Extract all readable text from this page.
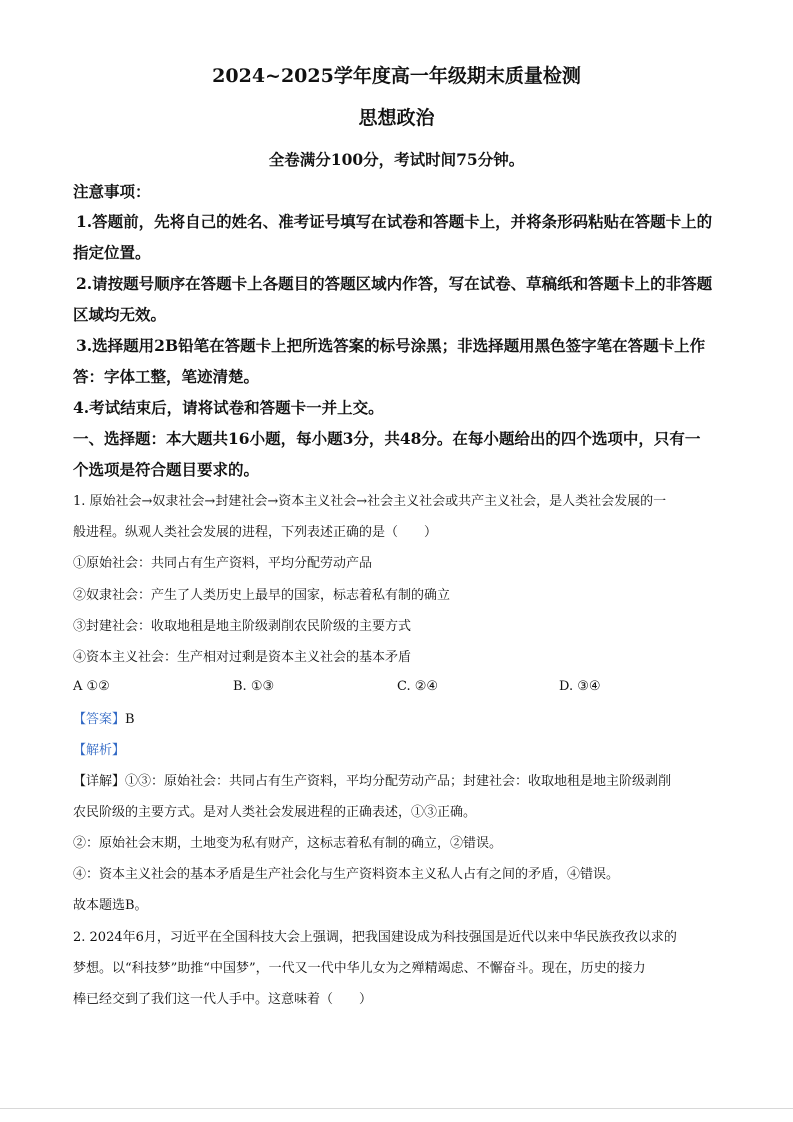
2024~2025学年度高一年级期末质量检测
思想政治
全卷满分100分，考试时间75分钟。
注意事项：
1.答题前，先将自己的姓名、准考证号填写在试卷和答题卡上，并将条形码粘贴在答题卡上的
指定位置。
2.请按题号顺序在答题卡上各题目的答题区域内作答，写在试卷、草稿纸和答题卡上的非答题
区域均无效。
3.选择题用2B铅笔在答题卡上把所选答案的标号涂黑；非选择题用黑色签字笔在答题卡上作
答：字体工整，笔迹清楚。
4.考试结束后，请将试卷和答题卡一并上交。
一、选择题：本大题共16小题，每小题3分，共48分。在每小题给出的四个选项中，只有一
个选项是符合题目要求的。
1. 原始社会→奴隶社会→封建社会→资本主义社会→社会主义社会或共产主义社会，是人类社会发展的一
般进程。纵观人类社会发展的进程，下列表述正确的是（　　）
①原始社会：共同占有生产资料，平均分配劳动产品
②奴隶社会：产生了人类历史上最早的国家，标志着私有制的确立
③封建社会：收取地租是地主阶级剥削农民阶级的主要方式
④资本主义社会：生产相对过剩是资本主义社会的基本矛盾
A ①②	B. ①③	C. ②④	D. ③④
【答案】B
【解析】
【详解】①③：原始社会：共同占有生产资料，平均分配劳动产品；封建社会：收取地租是地主阶级剥削
农民阶级的主要方式。是对人类社会发展进程的正确表述，①③正确。
②：原始社会末期，土地变为私有财产，这标志着私有制的确立，②错误。
④：资本主义社会的基本矛盾是生产社会化与生产资料资本主义私人占有之间的矛盾，④错误。
故本题选B。
2. 2024年6月，习近平在全国科技大会上强调，把我国建设成为科技强国是近代以来中华民族孜孜以求的
梦想。以“科技梦”助推“中国梦”，一代又一代中华儿女为之殚精竭虑、不懈奋斗。现在，历史的接力
棒已经交到了我们这一代人手中。这意味着（　　）
